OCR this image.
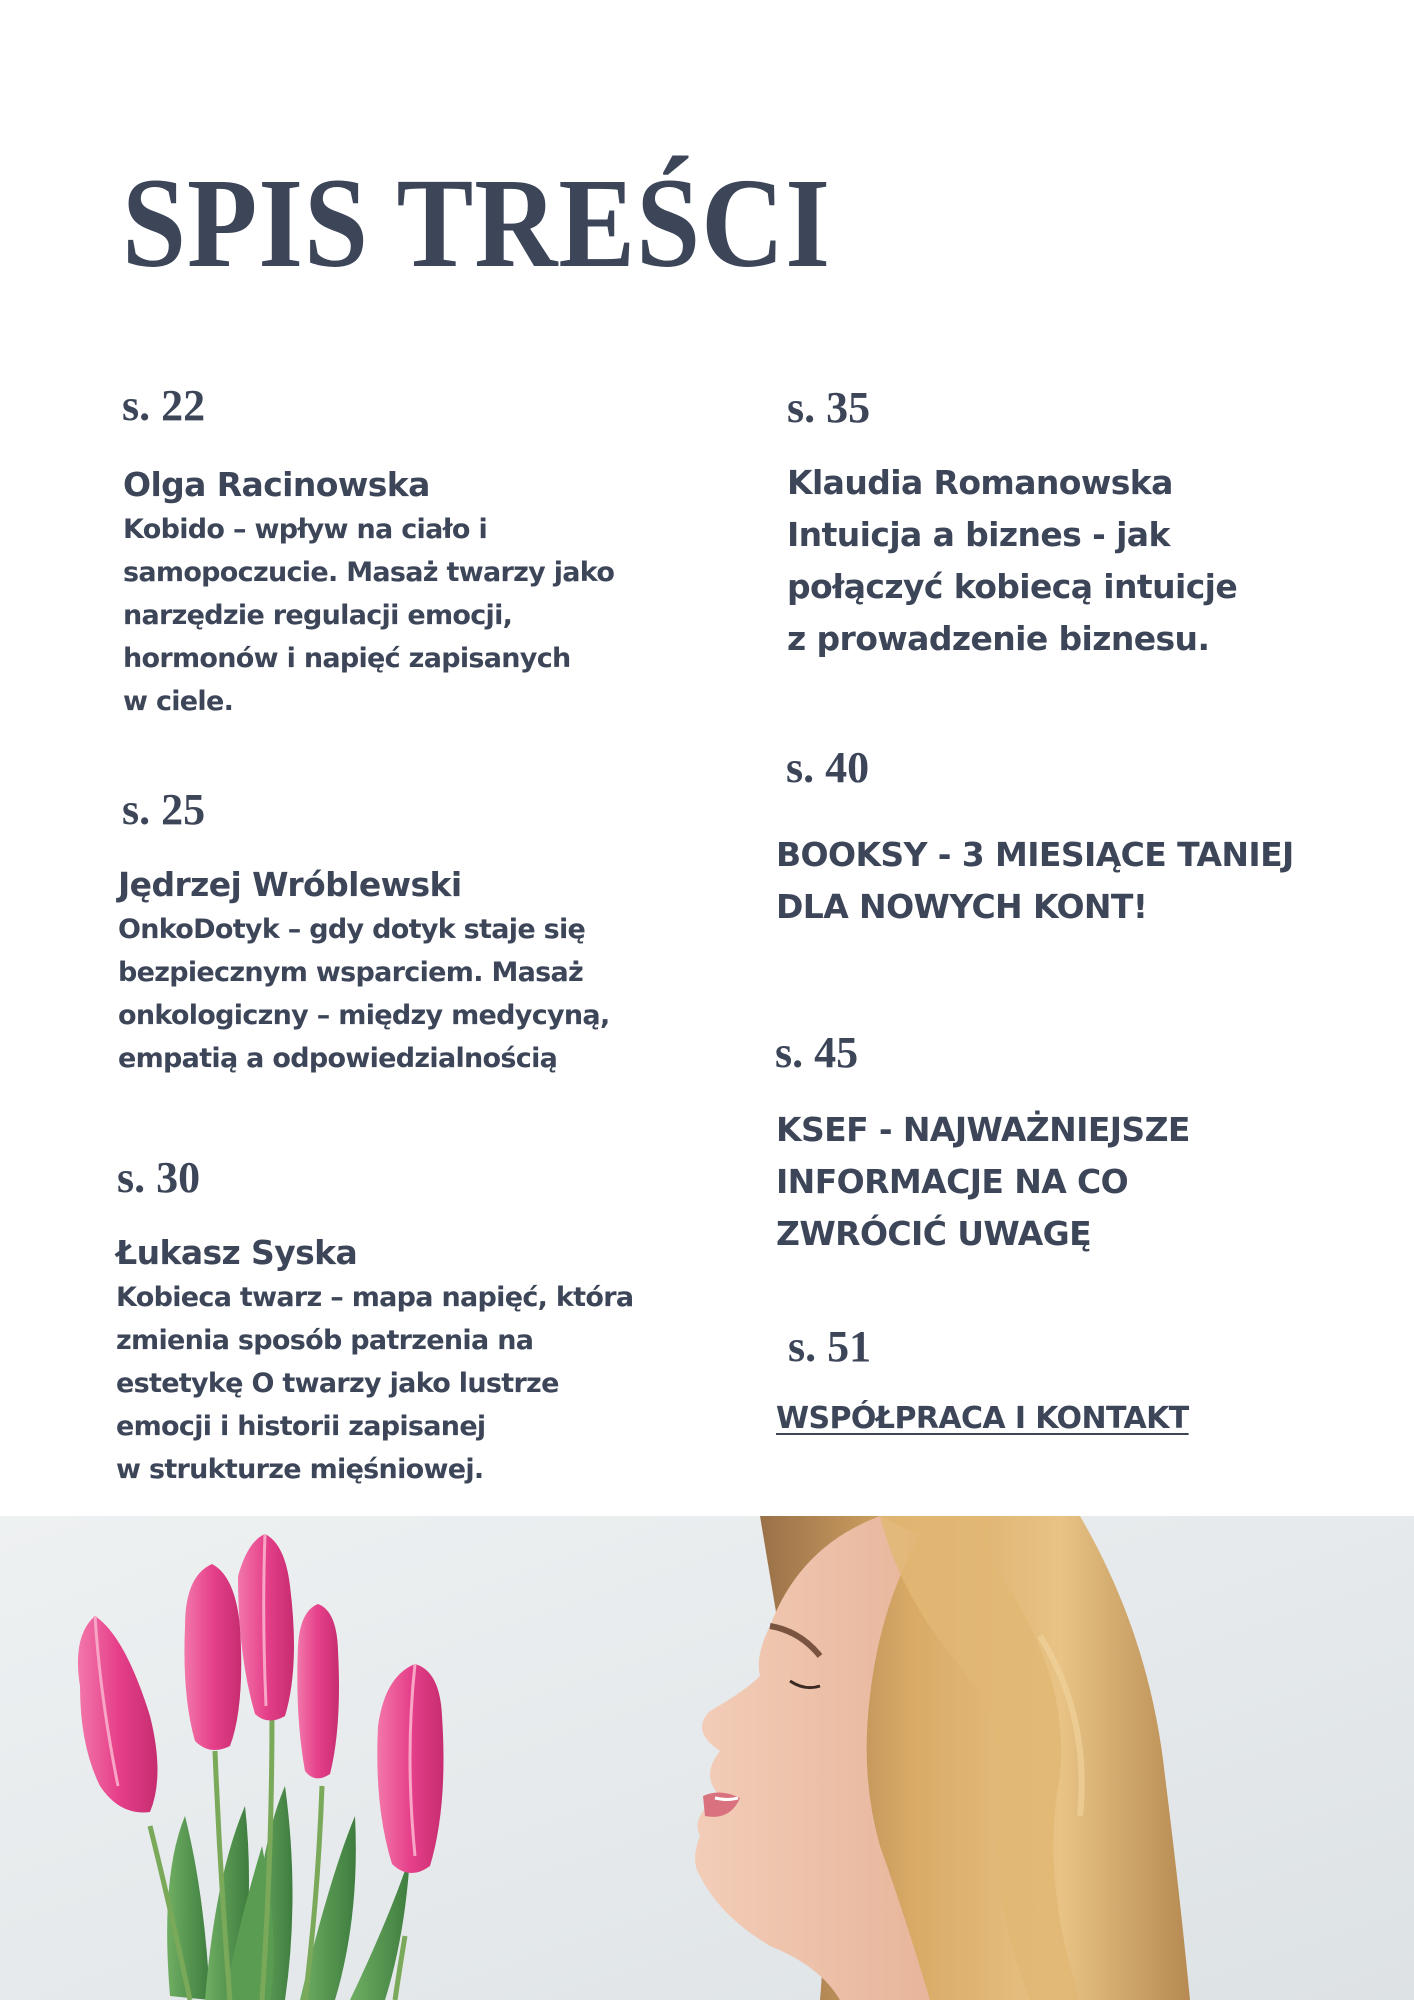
SPIS TREŚCI
s. 22
Olga Racinowska
Kobido – wpływ na ciało i
samopoczucie. Masaż twarzy jako
narzędzie regulacji emocji,
hormonów i napięć zapisanych
w ciele.
s. 25
Jędrzej Wróblewski
OnkoDotyk – gdy dotyk staje się
bezpiecznym wsparciem. Masaż
onkologiczny – między medycyną,
empatią a odpowiedzialnością
s. 30
Łukasz Syska
Kobieca twarz – mapa napięć, która
zmienia sposób patrzenia na
estetykę O twarzy jako lustrze
emocji i historii zapisanej
w strukturze mięśniowej.
s. 35
Klaudia Romanowska
Intuicja a biznes - jak
połączyć kobiecą intuicje
z prowadzenie biznesu.
s. 40
BOOKSY - 3 MIESIĄCE TANIEJ
DLA NOWYCH KONT!
s. 45
KSEF - NAJWAŻNIEJSZE
INFORMACJE NA CO
ZWRÓCIĆ UWAGĘ
s. 51
WSPÓŁPRACA I KONTAKT
